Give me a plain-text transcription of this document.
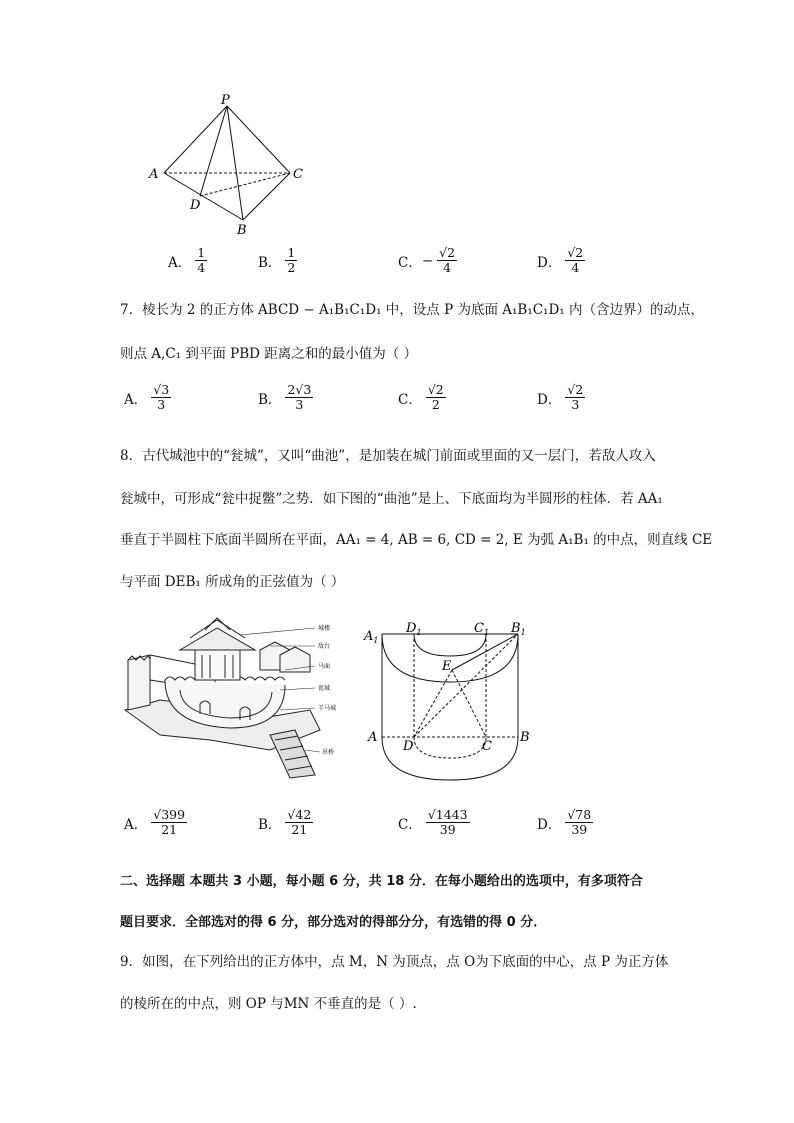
P
A	C
D
B
A． $\frac{1}{4}$	B． $\frac{1}{2}$	C． − $\frac{√2}{4}$	D． $\frac{√2}{4}$
7．棱长为 2 的正方体 ABCD − A₁B₁C₁D₁ 中，设点 P 为底面 A₁B₁C₁D₁ 内（含边界）的动点，
则点 A,C₁ 到平面 PBD 距离之和的最小值为（ ）
A． $\frac{√3}{3}$	B． $\frac{2√3}{3}$	C． $\frac{√2}{2}$	D． $\frac{√2}{3}$
8．古代城池中的“瓮城”，又叫“曲池”，是加装在城门前面或里面的又一层门，若敌人攻入
瓮城中，可形成“瓮中捉鳖”之势．如下图的“曲池”是上、下底面均为半圆形的柱体．若 AA₁
垂直于半圆柱下底面半圆所在平面，AA₁ = 4, AB = 6, CD = 2, E 为弧 A₁B₁ 的中点，则直线 CE
与平面 DEB₁ 所成角的正弦值为（ ）
城楼
敌台
马面
瓮城
羊马城
吊桥
$A_1$
$D_1$	$C_1$ $B_1$
E
A
D	C
B
A． $\frac{√399}{21}$	B． $\frac{√42}{21}$	C． $\frac{√1443}{39}$	D． $\frac{√78}{39}$
二、选择题 本题共 3 小题，每小题 6 分，共 18 分．在每小题给出的选项中，有多项符合
题目要求．全部选对的得 6 分，部分选对的得部分分，有选错的得 0 分．
9．如图，在下列给出的正方体中，点 M，N 为顶点，点 O为下底面的中心，点 P 为正方体
的棱所在的中点，则 OP 与MN 不垂直的是（ ）.
